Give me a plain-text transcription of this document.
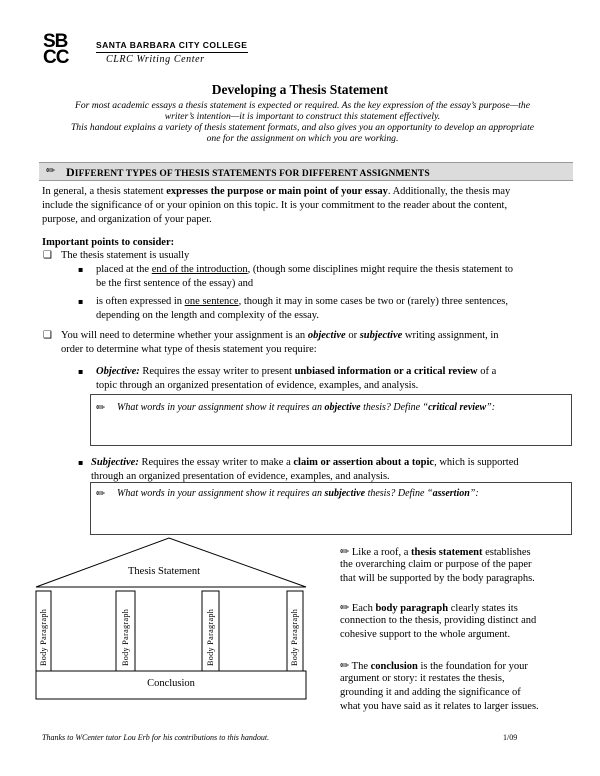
SB
CC
SANTA BARBARA CITY COLLEGE
CLRC Writing Center
Developing a Thesis Statement
For most academic essays a thesis statement is expected or required. As the key expression of the essay’s purpose—the
writer’s intention—it is important to construct this statement effectively.
This handout explains a variety of thesis statement formats, and also gives you an opportunity to develop an appropriate
one for the assignment on which you are working.
✏ DIFFERENT TYPES OF THESIS STATEMENTS FOR DIFFERENT ASSIGNMENTS
In general, a thesis statement expresses the purpose or main point of your essay. Additionally, the thesis may
include the significance of or your opinion on this topic. It is your commitment to the reader about the content,
purpose, and organization of your paper.
Important points to consider:
❑ The thesis statement is usually
▪ placed at the end of the introduction, (though some disciplines might require the thesis statement to
be the first sentence of the essay) and
▪ is often expressed in one sentence, though it may in some cases be two or (rarely) three sentences,
depending on the length and complexity of the essay.
❑ You will need to determine whether your assignment is an objective or subjective writing assignment, in
order to determine what type of thesis statement you require:
▪ Objective: Requires the essay writer to present unbiased information or a critical review of a
topic through an organized presentation of evidence, examples, and analysis.
✏ What words in your assignment show it requires an objective thesis? Define “critical review”:
▪ Subjective: Requires the essay writer to make a claim or assertion about a topic, which is supported
through an organized presentation of evidence, examples, and analysis.
✏ What words in your assignment show it requires an subjective thesis? Define “assertion”:
Thesis Statement
Body Paragraph	Body Paragraph	Body Paragraph	Body Paragraph
Conclusion
✏ Like a roof, a thesis statement establishes
the overarching claim or purpose of the paper
that will be supported by the body paragraphs.
✏ Each body paragraph clearly states its
connection to the thesis, providing distinct and
cohesive support to the whole argument.
✏ The conclusion is the foundation for your
argument or story: it restates the thesis,
grounding it and adding the significance of
what you have said as it relates to larger issues.
Thanks to WCenter tutor Lou Erb for his contributions to this handout.	1/09
